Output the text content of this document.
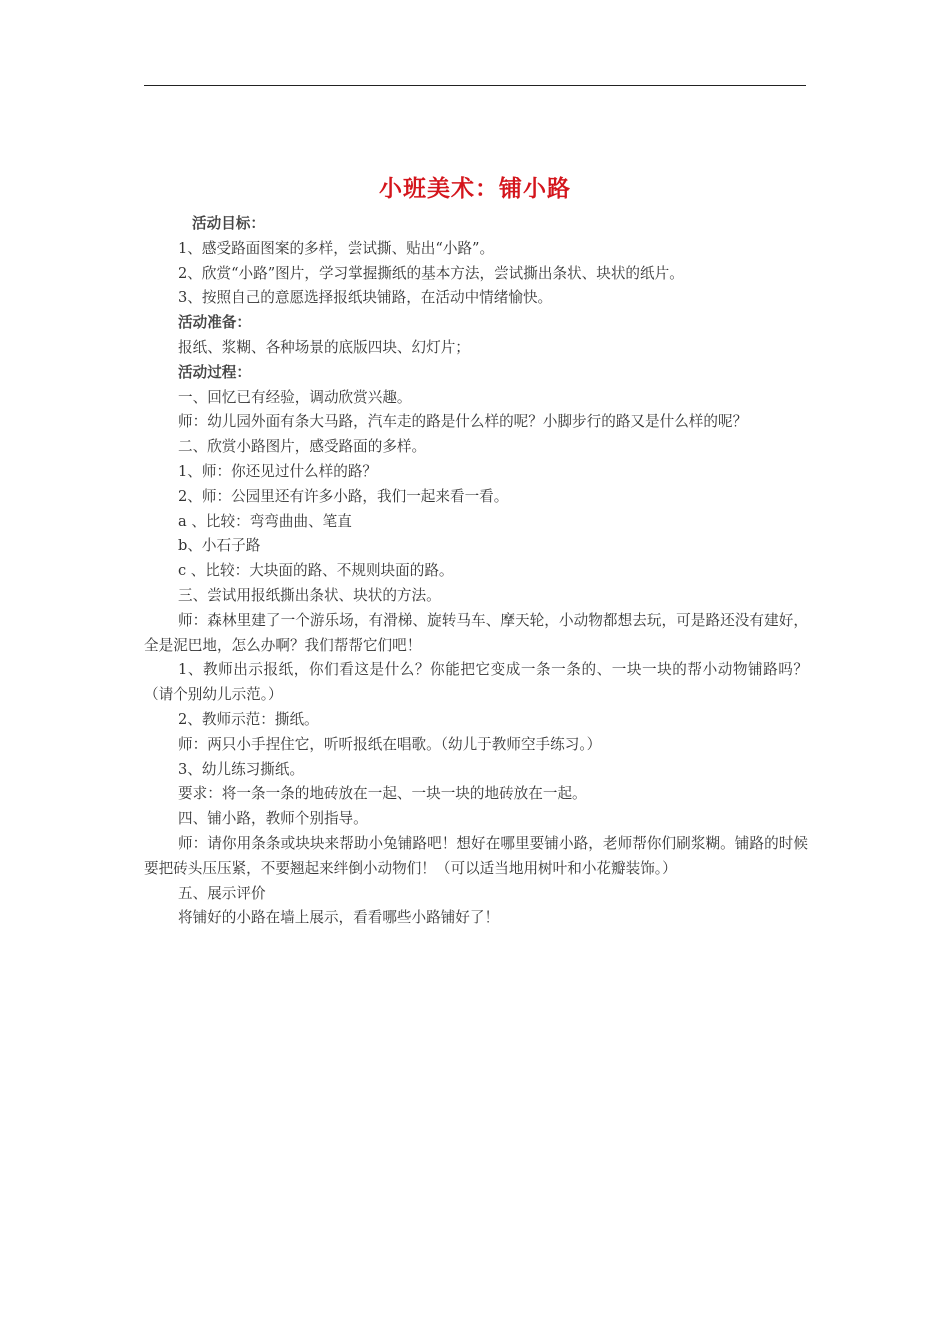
小班美术：铺小路
活动目标：
1、感受路面图案的多样，尝试撕、贴出“小路”。
2、欣赏“小路”图片，学习掌握撕纸的基本方法，尝试撕出条状、块状的纸片。
3、按照自己的意愿选择报纸块铺路，在活动中情绪愉快。
活动准备：
报纸、浆糊、各种场景的底版四块、幻灯片；
活动过程：
一、回忆已有经验，调动欣赏兴趣。
师：幼儿园外面有条大马路，汽车走的路是什么样的呢？小脚步行的路又是什么样的呢？
二、欣赏小路图片，感受路面的多样。
1、师：你还见过什么样的路？
2、师：公园里还有许多小路，我们一起来看一看。
a 、比较：弯弯曲曲、笔直
b、小石子路
c 、比较：大块面的路、不规则块面的路。
三、尝试用报纸撕出条状、块状的方法。
师：森林里建了一个游乐场，有滑梯、旋转马车、摩天轮，小动物都想去玩，可是路还没有建好，全是泥巴地，怎么办啊？我们帮帮它们吧！
1、教师出示报纸，你们看这是什么？你能把它变成一条一条的、一块一块的帮小动物铺路吗？（请个别幼儿示范。）
2、教师示范：撕纸。
师：两只小手捏住它，听听报纸在唱歌。（幼儿于教师空手练习。）
3、幼儿练习撕纸。
要求：将一条一条的地砖放在一起、一块一块的地砖放在一起。
四、铺小路，教师个别指导。
师：请你用条条或块块来帮助小兔铺路吧！想好在哪里要铺小路，老师帮你们刷浆糊。铺路的时候要把砖头压压紧，不要翘起来绊倒小动物们！（可以适当地用树叶和小花瓣装饰。）
五、展示评价
将铺好的小路在墙上展示，看看哪些小路铺好了！
